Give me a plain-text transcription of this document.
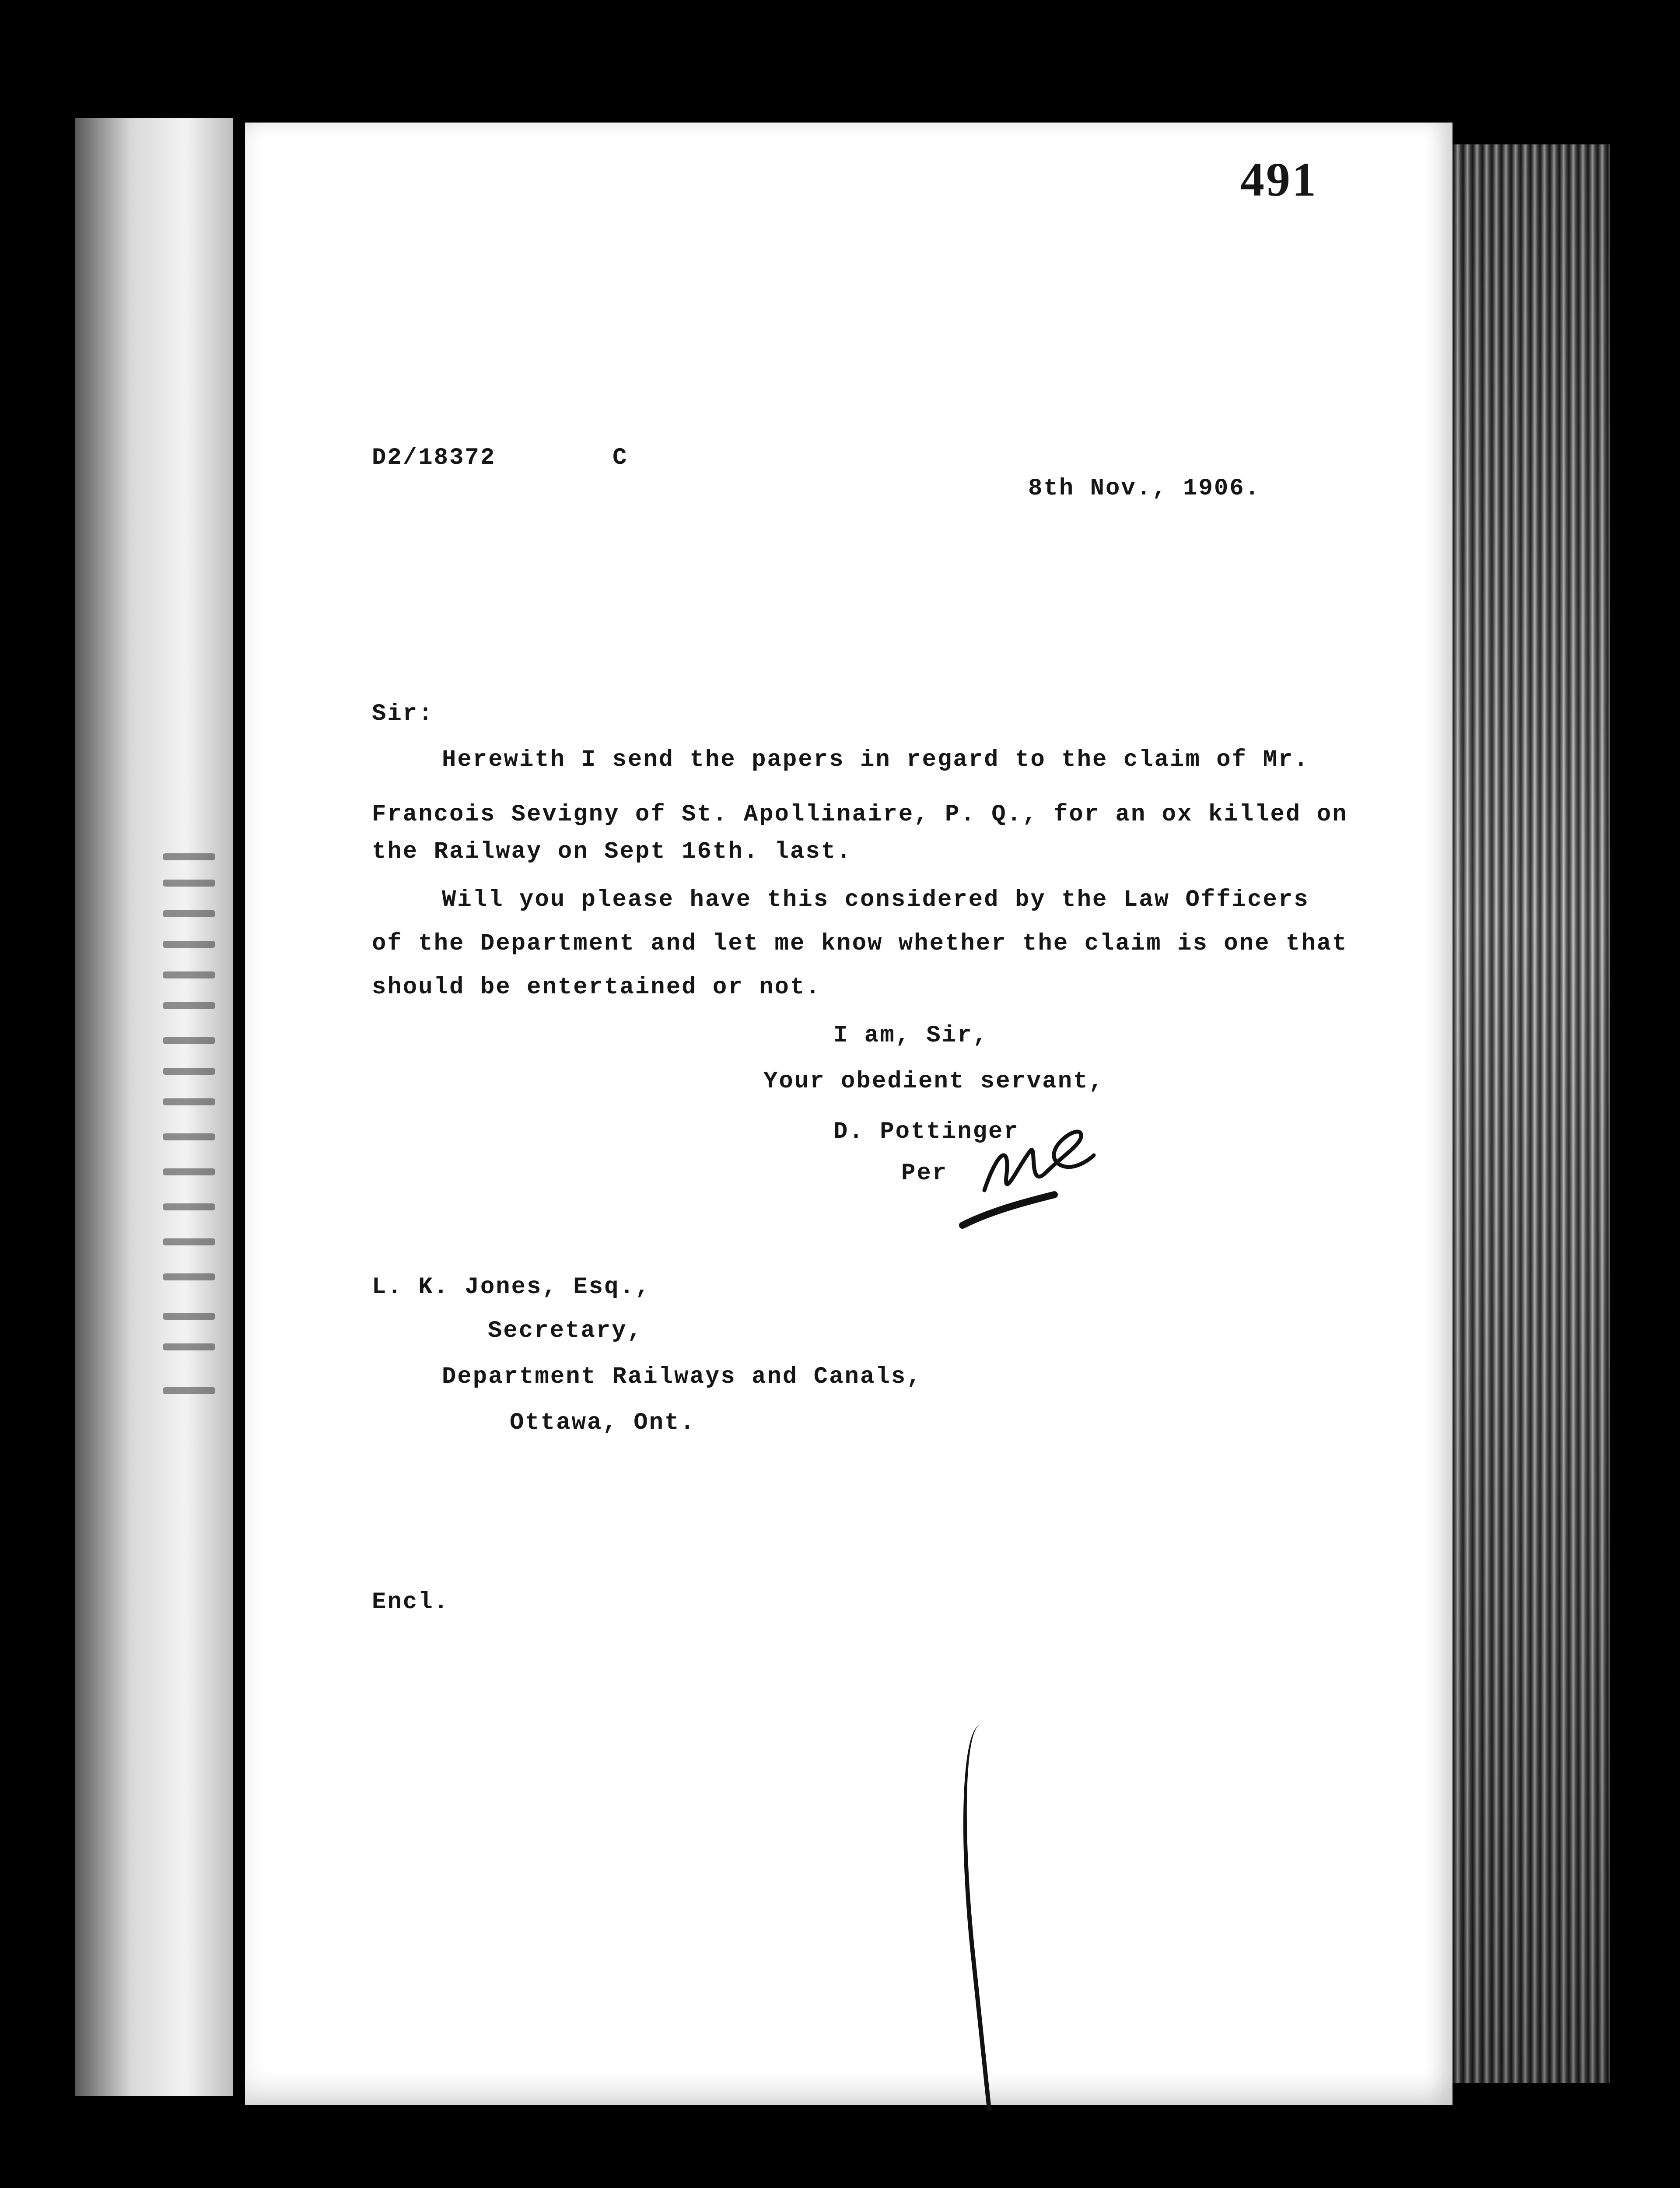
491
D2/18372	C
8th Nov., 1906.
Sir:
Herewith I send the papers in regard to the claim of Mr.
Francois Sevigny of St. Apollinaire, P. Q., for an ox killed on
the Railway on Sept 16th. last.
Will you please have this considered by the Law Officers
of the Department and let me know whether the claim is one that
should be entertained or not.
I am, Sir,
Your obedient servant,
D. Pottinger
Per
L. K. Jones, Esq.,
Secretary,
Department Railways and Canals,
Ottawa, Ont.
Encl.
